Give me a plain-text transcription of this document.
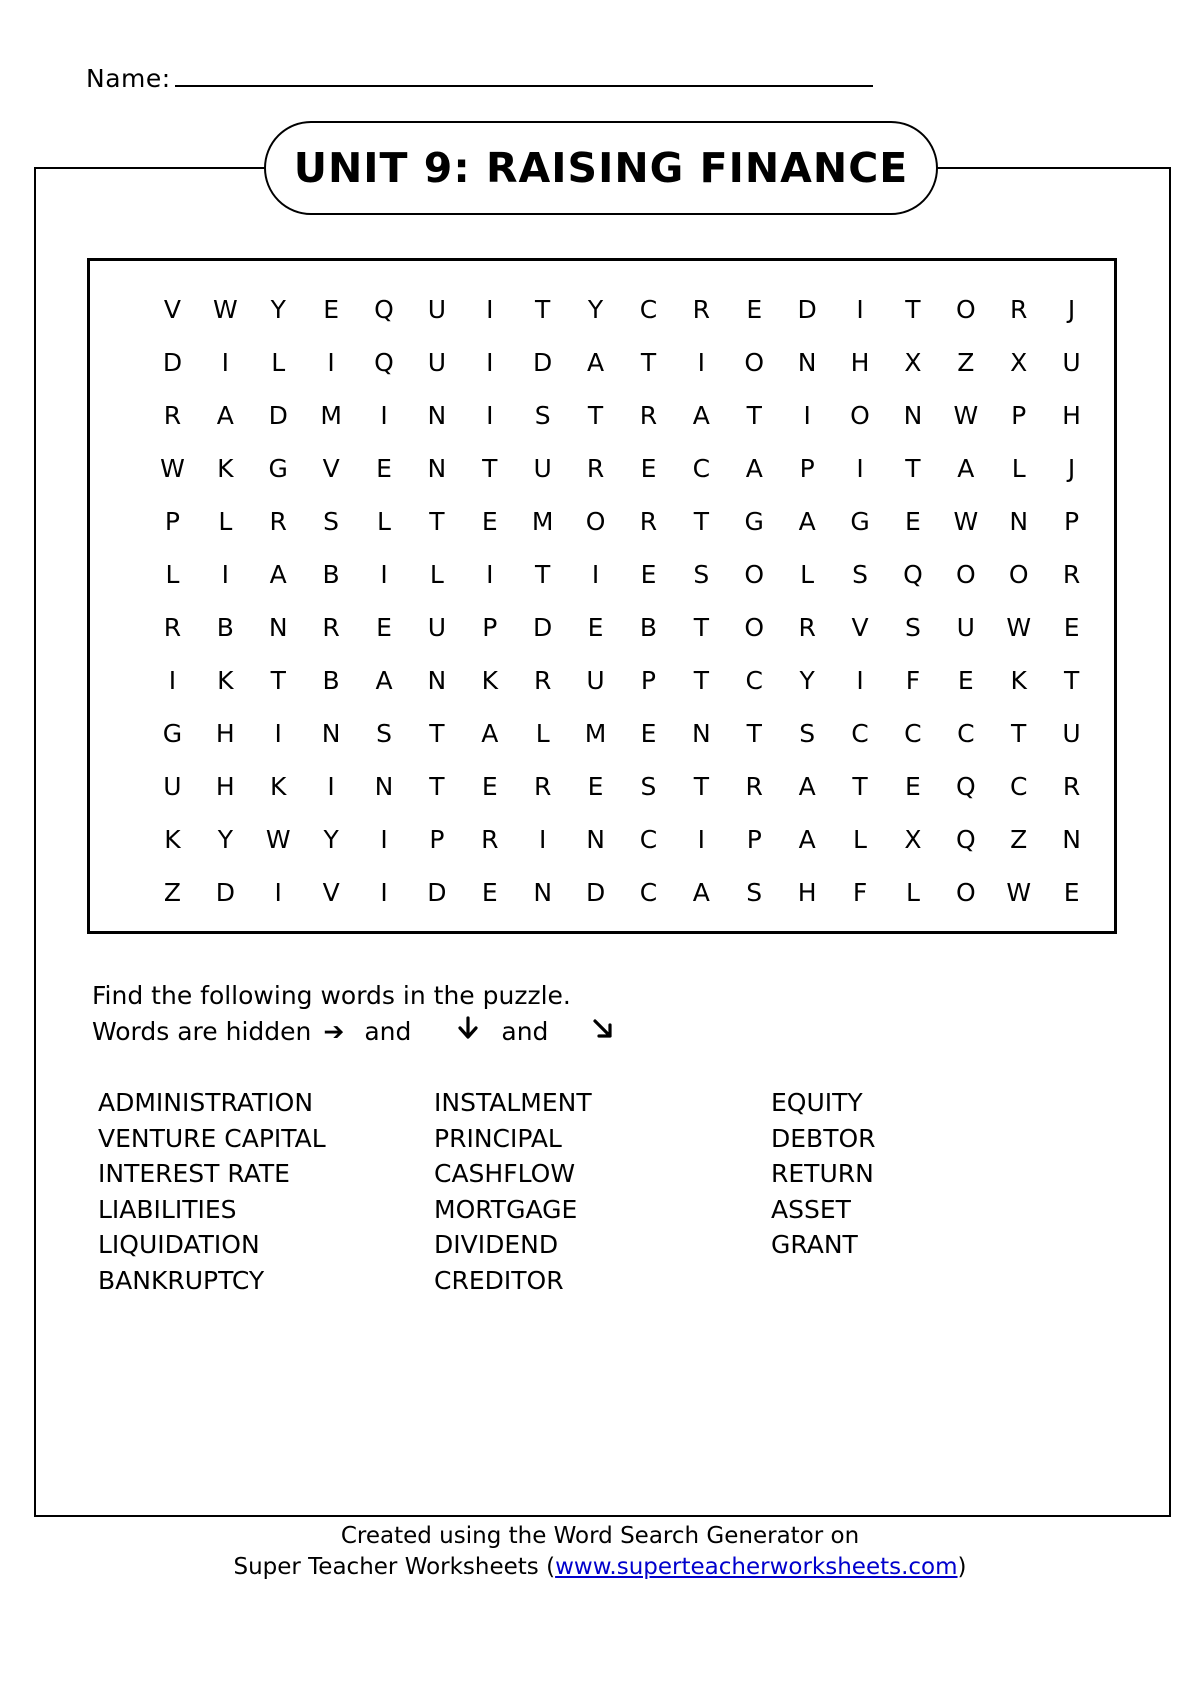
Name:
UNIT 9: RAISING FINANCE
V	W	Y	E	Q	U	I	T	Y	C	R	E	D	I	T	O	R	J
D	I	L	I	Q	U	I	D	A	T	I	O	N	H	X	Z	X	U
R	A	D	M	I	N	I	S	T	R	A	T	I	O	N	W	P	H
W	K	G	V	E	N	T	U	R	E	C	A	P	I	T	A	L	J
P	L	R	S	L	T	E	M	O	R	T	G	A	G	E	W	N	P
L	I	A	B	I	L	I	T	I	E	S	O	L	S	Q	O	O	R
R	B	N	R	E	U	P	D	E	B	T	O	R	V	S	U	W	E
I	K	T	B	A	N	K	R	U	P	T	C	Y	I	F	E	K	T
G	H	I	N	S	T	A	L	M	E	N	T	S	C	C	C	T	U
U	H	K	I	N	T	E	R	E	S	T	R	A	T	E	Q	C	R
K	Y	W	Y	I	P	R	I	N	C	I	P	A	L	X	Q	Z	N
Z	D	I	V	I	D	E	N	D	C	A	S	H	F	L	O	W	E
Find the following words in the puzzle.
Words are hidden ➔ and	and
ADMINISTRATION
VENTURE CAPITAL
INTEREST RATE
LIABILITIES
LIQUIDATION
BANKRUPTCY
INSTALMENT
PRINCIPAL
CASHFLOW
MORTGAGE
DIVIDEND
CREDITOR
EQUITY
DEBTOR
RETURN
ASSET
GRANT
Created using the Word Search Generator on
Super Teacher Worksheets (www.superteacherworksheets.com)
